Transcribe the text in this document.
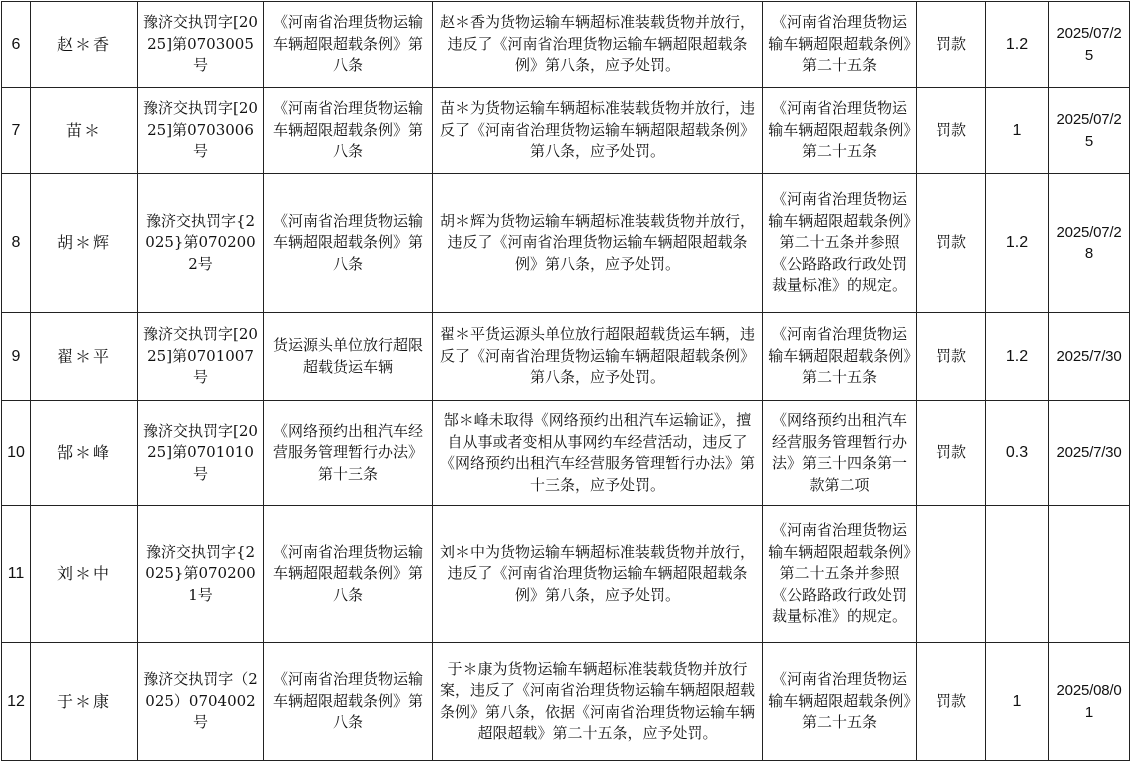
6	赵＊香	豫济交执罚字[2025]第0703005号	《河南省治理货物运输车辆超限超载条例》第八条	赵＊香为货物运输车辆超标准装载货物并放行，违反了《河南省治理货物运输车辆超限超载条例》第八条，应予处罚。	《河南省治理货物运输车辆超限超载条例》第二十五条	罚款	1.2	2025/07/25
7	苗＊	豫济交执罚字[2025]第0703006号	《河南省治理货物运输车辆超限超载条例》第八条	苗＊为货物运输车辆超标准装载货物并放行，违反了《河南省治理货物运输车辆超限超载条例》第八条，应予处罚。	《河南省治理货物运输车辆超限超载条例》第二十五条	罚款	1	2025/07/25
8	胡＊辉	豫济交执罚字{2025}第0702002号	《河南省治理货物运输车辆超限超载条例》第八条	胡＊辉为货物运输车辆超标准装载货物并放行，违反了《河南省治理货物运输车辆超限超载条例》第八条，应予处罚。	《河南省治理货物运输车辆超限超载条例》第二十五条并参照《公路路政行政处罚裁量标准》的规定。	罚款	1.2	2025/07/28
9	翟＊平	豫济交执罚字[2025]第0701007号	货运源头单位放行超限超载货运车辆	翟＊平货运源头单位放行超限超载货运车辆，违反了《河南省治理货物运输车辆超限超载条例》第八条，应予处罚。	《河南省治理货物运输车辆超限超载条例》第二十五条	罚款	1.2	2025/7/30
10	郜＊峰	豫济交执罚字[2025]第0701010号	《网络预约出租汽车经营服务管理暂行办法》第十三条	郜＊峰未取得《网络预约出租汽车运输证》，擅自从事或者变相从事网约车经营活动，违反了《网络预约出租汽车经营服务管理暂行办法》第十三条，应予处罚。	《网络预约出租汽车经营服务管理暂行办法》第三十四条第一款第二项	罚款	0.3	2025/7/30
11	刘＊中	豫济交执罚字{2025}第0702001号	《河南省治理货物运输车辆超限超载条例》第八条	刘＊中为货物运输车辆超标准装载货物并放行，违反了《河南省治理货物运输车辆超限超载条例》第八条，应予处罚。	《河南省治理货物运输车辆超限超载条例》第二十五条并参照《公路路政行政处罚裁量标准》的规定。			
12	于＊康	豫济交执罚字（2025）0704002号	《河南省治理货物运输车辆超限超载条例》第八条	于＊康为货物运输车辆超标准装载货物并放行案，违反了《河南省治理货物运输车辆超限超载条例》第八条，依据《河南省治理货物运输车辆超限超载》第二十五条，应予处罚。	《河南省治理货物运输车辆超限超载条例》第二十五条	罚款	1	2025/08/01
